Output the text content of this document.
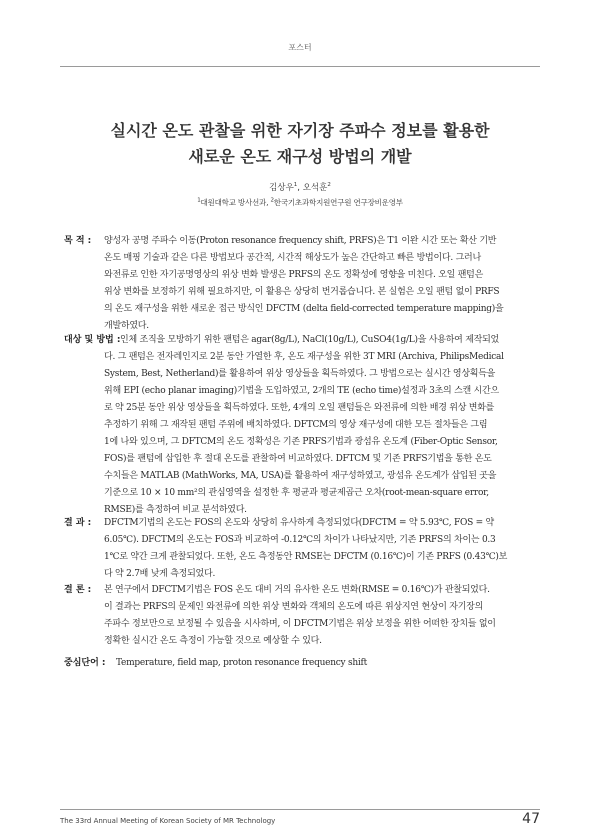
포스터
실시간 온도 관찰을 위한 자기장 주파수 정보를 활용한
새로운 온도 재구성 방법의 개발
김상우$^1$, 오석훈$^2$
$^1$대원대학교 방사선과, $^2$한국기초과학지원연구원 연구장비운영부
목 적 :	양성자 공명 주파수 이동(Proton resonance frequency shift, PRFS)은 T1 이완 시간 또는 확산 기반
온도 매핑 기술과 같은 다른 방법보다 공간적, 시간적 해상도가 높은 간단하고 빠른 방법이다. 그러나
와전류로 인한 자기공명영상의 위상 변화 발생은 PRFS의 온도 정확성에 영향을 미친다. 오일 팬텀은
위상 변화를 보정하기 위해 필요하지만, 이 활용은 상당히 번거롭습니다. 본 실험은 오일 팬텀 없이 PRFS
의 온도 재구성을 위한 새로운 접근 방식인 DFCTM (delta field-corrected temperature mapping)을
개발하였다.
대상 및 방법 : 인체 조직을 모방하기 위한 팬텀은 agar(8g/L), NaCl(10g/L), CuSO4(1g/L)을 사용하여 제작되었
다. 그 팬텀은 전자레인지로 2분 동안 가열한 후, 온도 재구성을 위한 3T MRI (Archiva, PhilipsMedical
System, Best, Netherland)를 활용하여 위상 영상들을 획득하였다. 그 방법으로는 실시간 영상획득을
위해 EPI (echo planar imaging)기법을 도입하였고, 2개의 TE (echo time)설정과 3초의 스캔 시간으
로 약 25분 동안 위상 영상들을 획득하였다. 또한, 4개의 오일 팬텀들은 와전류에 의한 배경 위상 변화를
추정하기 위해 그 재작된 팬텀 주위에 배치하였다. DFTCM의 영상 재구성에 대한 모든 절차들은 그림
1에 나와 있으며, 그 DFTCM의 온도 정확성은 기존 PRFS기법과 광섬유 온도계 (Fiber-Optic Sensor,
FOS)를 팬텀에 삽입한 후 절대 온도를 관찰하여 비교하였다. DFTCM 및 기존 PRFS기법을 통한 온도
수치들은 MATLAB (MathWorks, MA, USA)를 활용하여 재구성하였고, 광섬유 온도계가 삽입된 곳을
기준으로 10 × 10 mm²의 관심영역을 설정한 후 평균과 평균제곱근 오차(root-mean-square error,
RMSE)를 측정하여 비교 분석하였다.
결 과 :	DFCTM기법의 온도는 FOS의 온도와 상당히 유사하게 측정되었다(DFCTM = 약 5.93℃, FOS = 약
6.05℃). DFCTM의 온도는 FOS과 비교하여 -0.12℃의 차이가 나타났지만, 기존 PRFS의 차이는 0.3
1℃로 약간 크게 관찰되었다. 또한, 온도 측정동안 RMSE는 DFCTM (0.16℃)이 기존 PRFS (0.43℃)보
다 약 2.7배 낮게 측정되었다.
결 론 :	본 연구에서 DFCTM기법은 FOS 온도 대비 거의 유사한 온도 변화(RMSE = 0.16℃)가 관찰되었다.
이 결과는 PRFS의 문제인 와전류에 의한 위상 변화와 객체의 온도에 따른 위상지연 현상이 자기장의
주파수 정보만으로 보정될 수 있음을 시사하며, 이 DFCTM기법은 위상 보정을 위한 어떠한 장치들 없이
정확한 실시간 온도 측정이 가능할 것으로 예상할 수 있다.
중심단어 : Temperature, field map, proton resonance frequency shift
The 33rd Annual Meeting of Korean Society of MR Technology	47
